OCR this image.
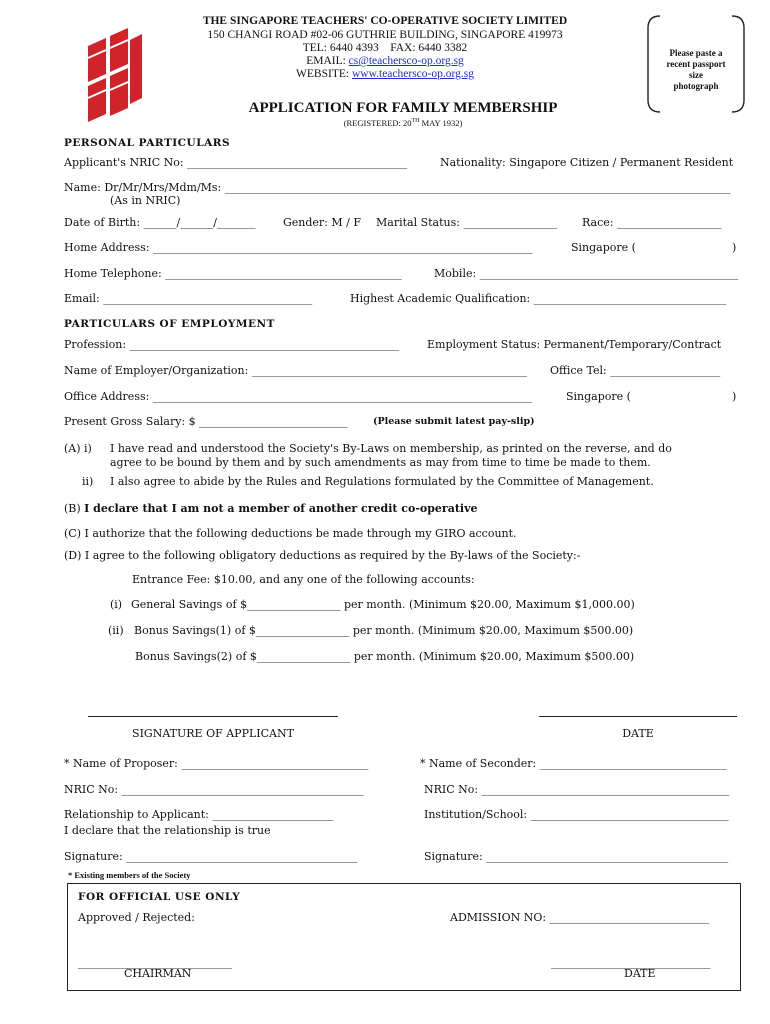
THE SINGAPORE TEACHERS' CO-OPERATIVE SOCIETY LIMITED
150 CHANGI ROAD #02-06 GUTHRIE BUILDING, SINGAPORE 419973
TEL: 6440 4393    FAX: 6440 3382
EMAIL: cs@teachersco-op.org.sg
WEBSITE: www.teachersco-op.org.sg
Please paste a
recent passport
size
photograph
APPLICATION FOR FAMILY MEMBERSHIP
(REGISTERED: 20TH MAY 1932)
PERSONAL PARTICULARS
Applicant's NRIC No: ________________________________________	Nationality: Singapore Citizen / Permanent Resident
Name: Dr/Mr/Mrs/Mdm/Ms: ____________________________________________________________________________________________
(As in NRIC)
Date of Birth: ______/______/_______	Gender: M / F Marital Status: _________________ Race: ___________________
Home Address: _____________________________________________________________________	Singapore (	)
Home Telephone: ___________________________________________	Mobile: _______________________________________________
Email: ______________________________________	Highest Academic Qualification: ___________________________________
PARTICULARS OF EMPLOYMENT
Profession: _________________________________________________	Employment Status: Permanent/Temporary/Contract
Name of Employer/Organization: __________________________________________________ Office Tel: ____________________
Office Address: _____________________________________________________________________	Singapore (	)
Present Gross Salary: $ ___________________________	(Please submit latest pay-slip)
(A) i) I have read and understood the Society's By-Laws on membership, as printed on the reverse, and do
agree to be bound by them and by such amendments as may from time to time be made to them.
ii) I also agree to abide by the Rules and Regulations formulated by the Committee of Management.
(B) I declare that I am not a member of another credit co-operative
(C) I authorize that the following deductions be made through my GIRO account.
(D) I agree to the following obligatory deductions as required by the By-laws of the Society:-
Entrance Fee: $10.00, and any one of the following accounts:
(i) General Savings of $_________________ per month. (Minimum $20.00, Maximum $1,000.00)
(ii) Bonus Savings(1) of $_________________ per month. (Minimum $20.00, Maximum $500.00)
Bonus Savings(2) of $_________________ per month. (Minimum $20.00, Maximum $500.00)
SIGNATURE OF APPLICANT	DATE
* Name of Proposer: __________________________________	* Name of Seconder: __________________________________
NRIC No: ____________________________________________	NRIC No: _____________________________________________
Relationship to Applicant: ______________________	Institution/School: ____________________________________
I declare that the relationship is true
Signature: __________________________________________	Signature: ____________________________________________
* Existing members of the Society
FOR OFFICIAL USE ONLY
Approved / Rejected:	ADMISSION NO: _____________________________
____________________________	_____________________________
CHAIRMAN	DATE
